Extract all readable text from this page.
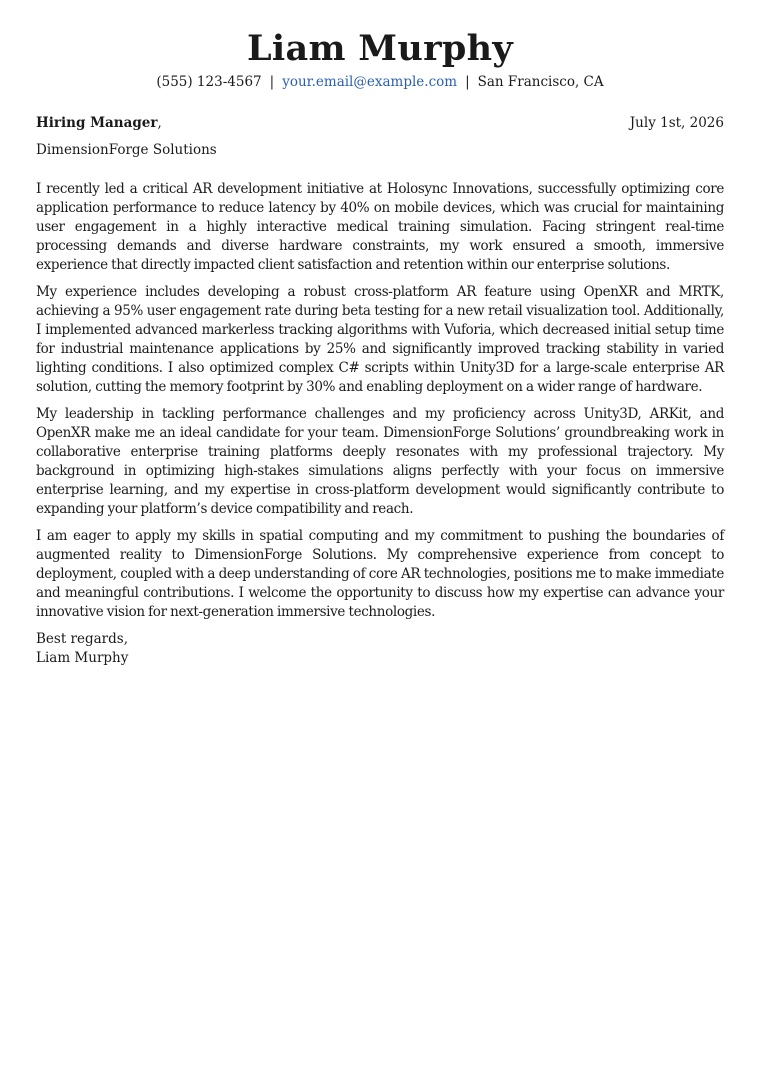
Liam Murphy
(555) 123-4567 | your.email@example.com | San Francisco, CA
Hiring Manager,	July 1st, 2026
DimensionForge Solutions

I recently led a critical AR development initiative at Holosync Innovations, successfully optimizing core application performance to reduce latency by 40% on mobile devices, which was crucial for maintaining user engagement in a highly interactive medical training simulation. Facing stringent real-time processing demands and diverse hardware constraints, my work ensured a smooth, immersive experience that directly impacted client satisfaction and retention within our enterprise solutions.

My experience includes developing a robust cross-platform AR feature using OpenXR and MRTK, achieving a 95% user engagement rate during beta testing for a new retail visualization tool. Additionally, I implemented advanced markerless tracking algorithms with Vuforia, which decreased initial setup time for industrial maintenance applications by 25% and significantly improved tracking stability in varied lighting conditions. I also optimized complex C# scripts within Unity3D for a large-scale enterprise AR solution, cutting the memory footprint by 30% and enabling deployment on a wider range of hardware.

My leadership in tackling performance challenges and my proficiency across Unity3D, ARKit, and OpenXR make me an ideal candidate for your team. DimensionForge Solutions’ groundbreaking work in collaborative enterprise training platforms deeply resonates with my professional trajectory. My background in optimizing high-stakes simulations aligns perfectly with your focus on immersive enterprise learning, and my expertise in cross-platform development would significantly contribute to expanding your platform’s device compatibility and reach.

I am eager to apply my skills in spatial computing and my commitment to pushing the boundaries of augmented reality to DimensionForge Solutions. My comprehensive experience from concept to deployment, coupled with a deep understanding of core AR technologies, positions me to make immediate and meaningful contributions. I welcome the opportunity to discuss how my expertise can advance your innovative vision for next-generation immersive technologies.

Best regards,
Liam Murphy
